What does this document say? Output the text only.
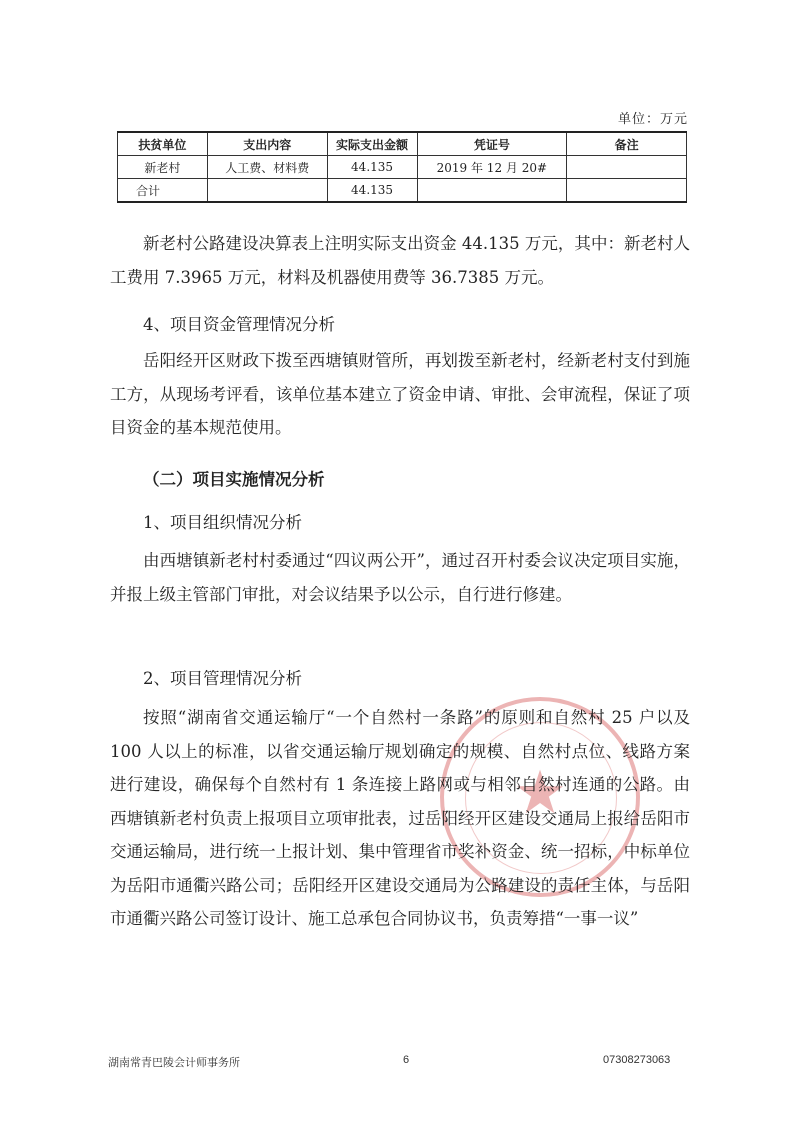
单位：万元
扶贫单位	支出内容	实际支出金额	凭证号	备注
新老村	人工费、材料费	44.135	2019 年 12 月 20#	
合计		44.135		
★

新老村公路建设决算表上注明实际支出资金 44.135 万元，其中：新老村人工费用 7.3965 万元，材料及机器使用费等 36.7385 万元。

4、项目资金管理情况分析

岳阳经开区财政下拨至西塘镇财管所，再划拨至新老村，经新老村支付到施工方，从现场考评看，该单位基本建立了资金申请、审批、会审流程，保证了项目资金的基本规范使用。

（二）项目实施情况分析

1、项目组织情况分析

由西塘镇新老村村委通过“四议两公开”，通过召开村委会议决定项目实施，并报上级主管部门审批，对会议结果予以公示，自行进行修建。

2、项目管理情况分析

按照“湖南省交通运输厅“一个自然村一条路”的原则和自然村 25 户以及 100 人以上的标准，以省交通运输厅规划确定的规模、自然村点位、线路方案进行建设，确保每个自然村有 1 条连接上路网或与相邻自然村连通的公路。由西塘镇新老村负责上报项目立项审批表，过岳阳经开区建设交通局上报给岳阳市交通运输局，进行统一上报计划、集中管理省市奖补资金、统一招标，中标单位为岳阳市通衢兴路公司；岳阳经开区建设交通局为公路建设的责任主体，与岳阳市通衢兴路公司签订设计、施工总承包合同协议书，负责筹措“一事一议”

湖南常青巴陵会计师事务所	6	07308273063
